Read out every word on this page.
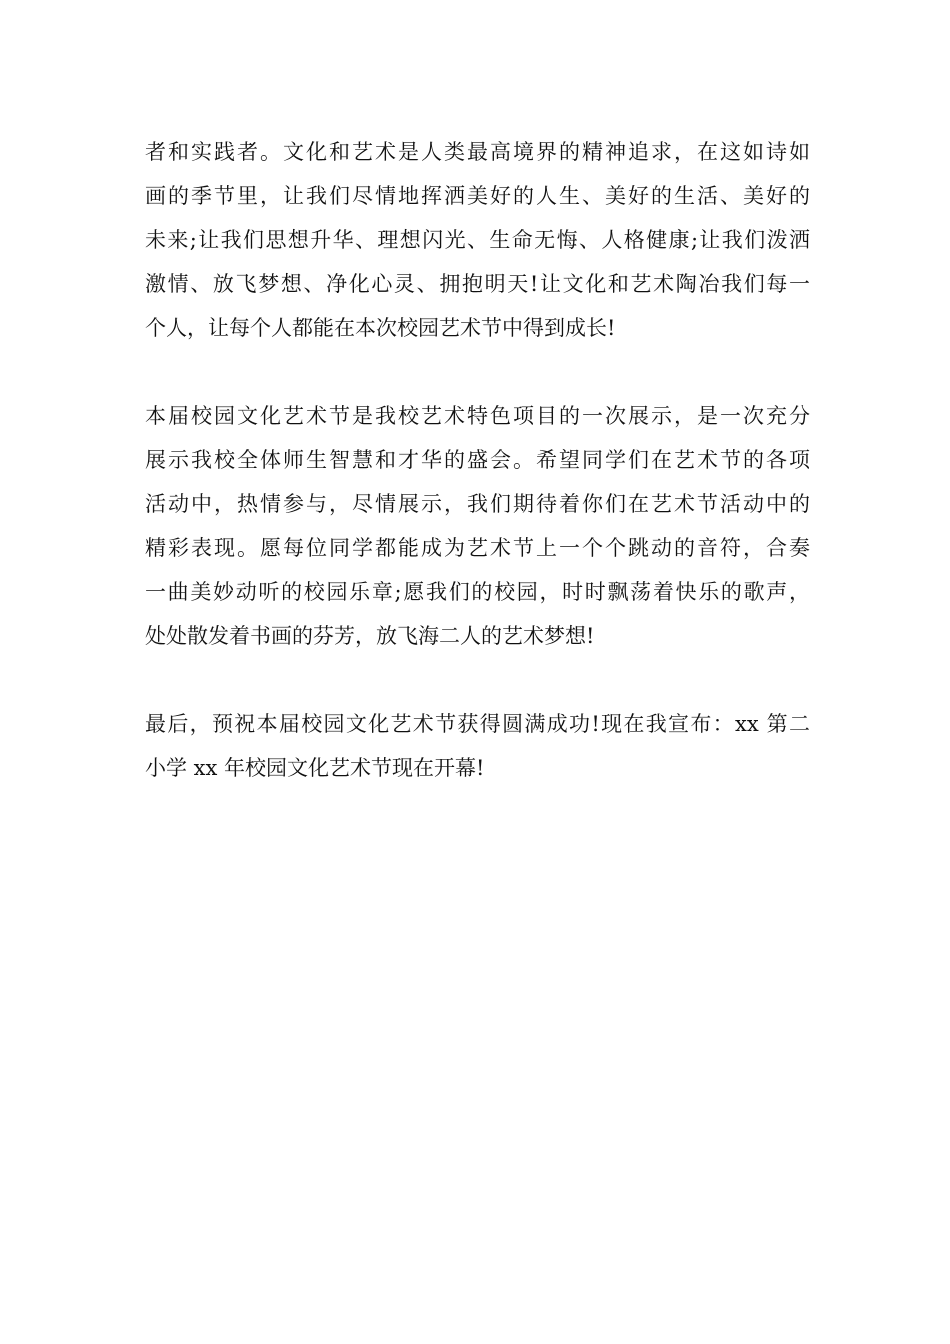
者和实践者。文化和艺术是人类最高境界的精神追求，在这如诗如
画的季节里，让我们尽情地挥洒美好的人生、美好的生活、美好的
未来;让我们思想升华、理想闪光、生命无悔、人格健康;让我们泼洒
激情、放飞梦想、净化心灵、拥抱明天!让文化和艺术陶冶我们每一
个人，让每个人都能在本次校园艺术节中得到成长!
本届校园文化艺术节是我校艺术特色项目的一次展示，是一次充分
展示我校全体师生智慧和才华的盛会。希望同学们在艺术节的各项
活动中，热情参与，尽情展示，我们期待着你们在艺术节活动中的
精彩表现。愿每位同学都能成为艺术节上一个个跳动的音符，合奏
一曲美妙动听的校园乐章;愿我们的校园，时时飘荡着快乐的歌声，
处处散发着书画的芬芳，放飞海二人的艺术梦想!
最后，预祝本届校园文化艺术节获得圆满成功!现在我宣布：xx 第二
小学 xx 年校园文化艺术节现在开幕!
